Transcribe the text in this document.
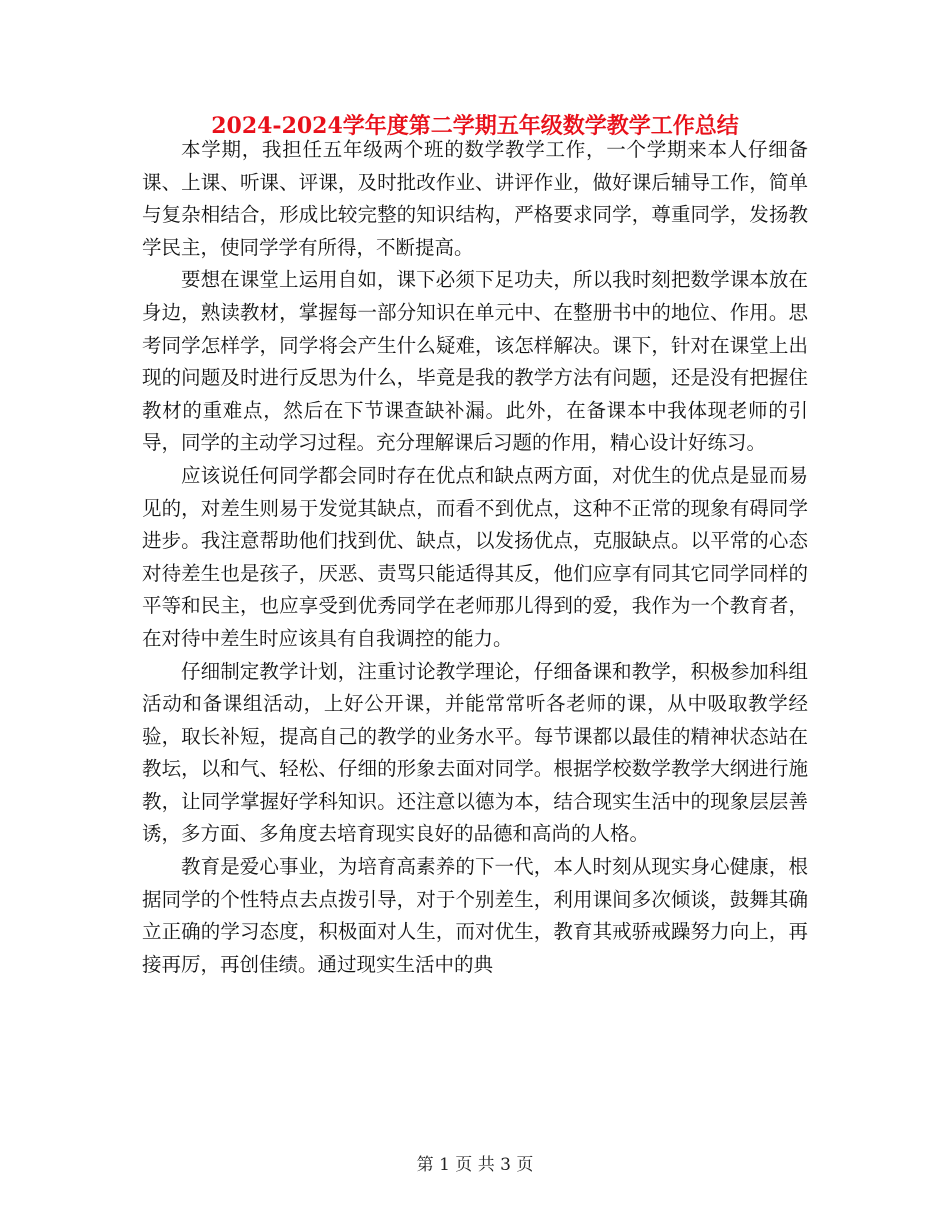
2024-2024学年度第二学期五年级数学教学工作总结

本学期，我担任五年级两个班的数学教学工作，一个学期来本人仔细备课、上课、听课、评课，及时批改作业、讲评作业，做好课后辅导工作，简单与复杂相结合，形成比较完整的知识结构，严格要求同学，尊重同学，发扬教学民主，使同学学有所得，不断提高。

要想在课堂上运用自如，课下必须下足功夫，所以我时刻把数学课本放在身边，熟读教材，掌握每一部分知识在单元中、在整册书中的地位、作用。思考同学怎样学，同学将会产生什么疑难，该怎样解决。课下，针对在课堂上出现的问题及时进行反思为什么，毕竟是我的教学方法有问题，还是没有把握住教材的重难点，然后在下节课查缺补漏。此外，在备课本中我体现老师的引导，同学的主动学习过程。充分理解课后习题的作用，精心设计好练习。

应该说任何同学都会同时存在优点和缺点两方面，对优生的优点是显而易见的，对差生则易于发觉其缺点，而看不到优点，这种不正常的现象有碍同学进步。我注意帮助他们找到优、缺点，以发扬优点，克服缺点。以平常的心态对待差生也是孩子，厌恶、责骂只能适得其反，他们应享有同其它同学同样的平等和民主，也应享受到优秀同学在老师那儿得到的爱，我作为一个教育者，在对待中差生时应该具有自我调控的能力。

仔细制定教学计划，注重讨论教学理论，仔细备课和教学，积极参加科组活动和备课组活动，上好公开课，并能常常听各老师的课，从中吸取教学经验，取长补短，提高自己的教学的业务水平。每节课都以最佳的精神状态站在教坛，以和气、轻松、仔细的形象去面对同学。根据学校数学教学大纲进行施教，让同学掌握好学科知识。还注意以德为本，结合现实生活中的现象层层善诱，多方面、多角度去培育现实良好的品德和高尚的人格。

教育是爱心事业，为培育高素养的下一代，本人时刻从现实身心健康，根据同学的个性特点去点拨引导，对于个别差生，利用课间多次倾谈，鼓舞其确立正确的学习态度，积极面对人生，而对优生，教育其戒骄戒躁努力向上，再接再厉，再创佳绩。通过现实生活中的典

第 1 页 共 3 页
